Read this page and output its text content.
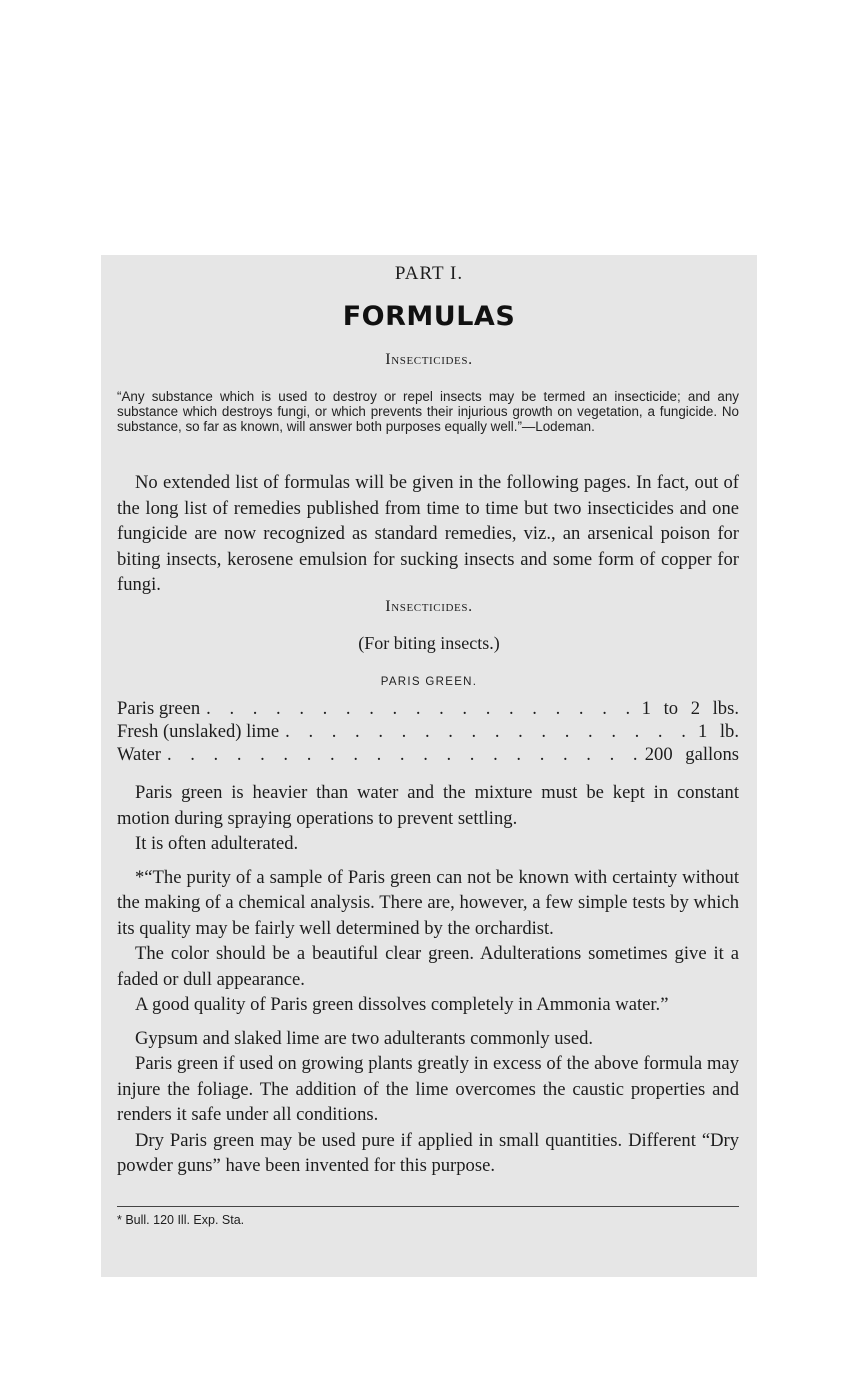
PART I.
FORMULAS
Insecticides.

“Any substance which is used to destroy or repel insects may be termed an insecticide; and any substance which destroys fungi, or which prevents their injurious growth on vegetation, a fungicide. No substance, so far as known, will answer both purposes equally well.”—Lodeman.

No extended list of formulas will be given in the following pages. In fact, out of the long list of remedies published from time to time but two insecticides and one fungicide are now recognized as standard remedies, viz., an arsenical poison for biting insects, kerosene emulsion for sucking insects and some form of copper for fungi.

Insecticides.
(For biting insects.)
PARIS GREEN.
Paris green . . .	1 to 2 lbs.
Fresh (unslaked) lime . . .	1 lb.
Water . . .	200 gallons

Paris green is heavier than water and the mixture must be kept in constant motion during spraying operations to prevent settling.

It is often adulterated.

*“The purity of a sample of Paris green can not be known with certainty without the making of a chemical analysis. There are, however, a few simple tests by which its quality may be fairly well determined by the orchardist.

The color should be a beautiful clear green. Adulterations sometimes give it a faded or dull appearance.

A good quality of Paris green dissolves completely in Ammonia water.”

Gypsum and slaked lime are two adulterants commonly used.

Paris green if used on growing plants greatly in excess of the above formula may injure the foliage. The addition of the lime overcomes the caustic properties and renders it safe under all conditions.

Dry Paris green may be used pure if applied in small quantities. Different “Dry powder guns” have been invented for this purpose.

* Bull. 120 Ill. Exp. Sta.
